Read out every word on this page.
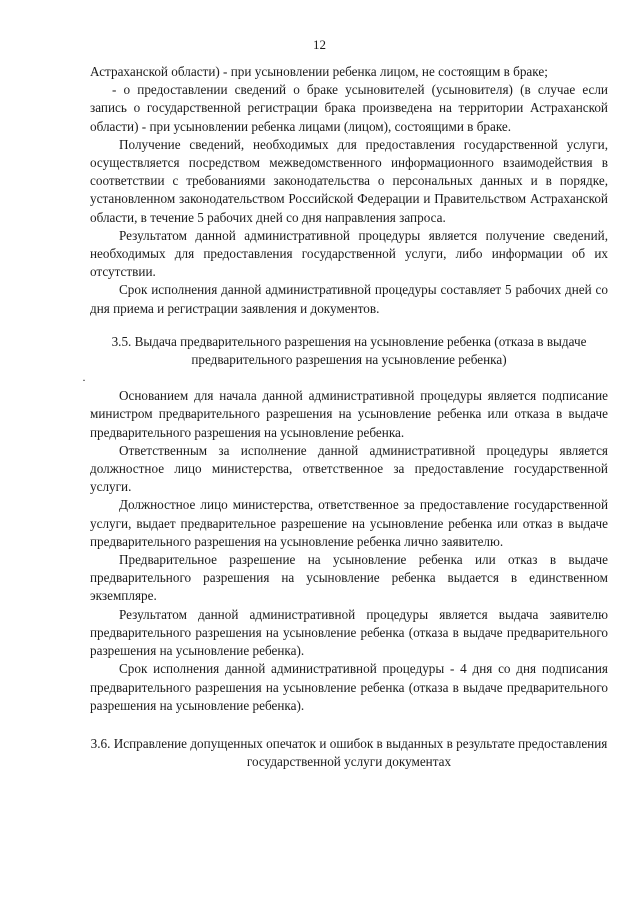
12

Астраханской области) - при усыновлении ребенка лицом, не состоящим в браке;

- о предоставлении сведений о браке усыновителей (усыновителя) (в случае если запись о государственной регистрации брака произведена на территории Астраханской области) - при усыновлении ребенка лицами (лицом), состоящими в браке.

Получение сведений, необходимых для предоставления государственной услуги, осуществляется посредством межведомственного информационного взаимодействия в соответствии с требованиями законодательства о персональных данных и в порядке, установленном законодательством Российской Федерации и Правительством Астраханской области, в течение 5 рабочих дней со дня направления запроса.

Результатом данной административной процедуры является получение сведений, необходимых для предоставления государственной услуги, либо информации об их отсутствии.

Срок исполнения данной административной процедуры составляет 5 рабочих дней со дня приема и регистрации заявления и документов.

3.5. Выдача предварительного разрешения на усыновление ребенка (отказа в выдаче предварительного разрешения на усыновление ребенка)

·

Основанием для начала данной административной процедуры является подписание министром предварительного разрешения на усыновление ребенка или отказа в выдаче предварительного разрешения на усыновление ребенка.

Ответственным за исполнение данной административной процедуры является должностное лицо министерства, ответственное за предоставление государственной услуги.

Должностное лицо министерства, ответственное за предоставление государственной услуги, выдает предварительное разрешение на усыновление ребенка или отказ в выдаче предварительного разрешения на усыновление ребенка лично заявителю.

Предварительное разрешение на усыновление ребенка или отказ в выдаче предварительного разрешения на усыновление ребенка выдается в единственном экземпляре.

Результатом данной административной процедуры является выдача заявителю предварительного разрешения на усыновление ребенка (отказа в выдаче предварительного разрешения на усыновление ребенка).

Срок исполнения данной административной процедуры - 4 дня со дня подписания предварительного разрешения на усыновление ребенка (отказа в выдаче предварительного разрешения на усыновление ребенка).

3.6. Исправление допущенных опечаток и ошибок в выданных в результате предоставления государственной услуги документах
